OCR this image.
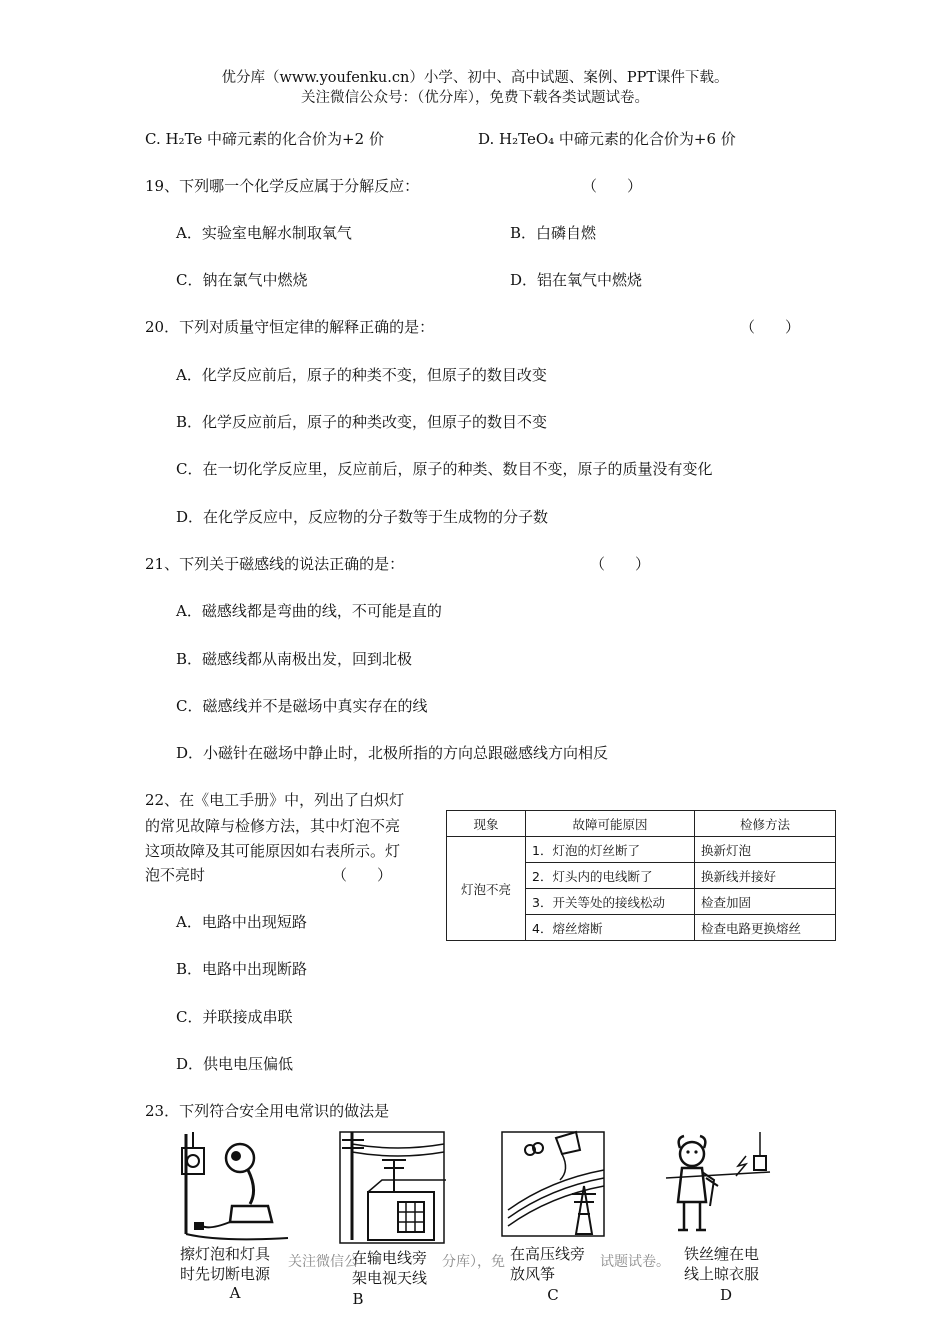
优分库（www.youfenku.cn）小学、初中、高中试题、案例、PPT课件下载。
关注微信公众号：（优分库），免费下载各类试题试卷。
C. H₂Te 中碲元素的化合价为+2 价	D. H₂TeO₄ 中碲元素的化合价为+6 价
19、下列哪一个化学反应属于分解反应：	（　　）
A．实验室电解水制取氧气	B．白磷自燃
C．钠在氯气中燃烧	D．铝在氧气中燃烧
20．下列对质量守恒定律的解释正确的是：	（　　）
A．化学反应前后，原子的种类不变，但原子的数目改变
B．化学反应前后，原子的种类改变，但原子的数目不变
C．在一切化学反应里，反应前后，原子的种类、数目不变，原子的质量没有变化
D．在化学反应中，反应物的分子数等于生成物的分子数
21、下列关于磁感线的说法正确的是：	（　　）
A．磁感线都是弯曲的线，不可能是直的
B．磁感线都从南极出发，回到北极
C．磁感线并不是磁场中真实存在的线
D．小磁针在磁场中静止时，北极所指的方向总跟磁感线方向相反
22、在《电工手册》中，列出了白炽灯
的常见故障与检修方法，其中灯泡不亮
这项故障及其可能原因如右表所示。灯
泡不亮时	（　　）
A．电路中出现短路
B．电路中出现断路
C．并联接成串联
D．供电电压偏低
现象	故障可能原因	检修方法
灯泡不亮	1．灯泡的灯丝断了	换新灯泡
	2．灯头内的电线断了	换新线并接好
	3．开关等处的接线松动	检查加固
	4．熔丝熔断	检查电路更换熔丝
23．下列符合安全用电常识的做法是
关注微信公	分库），免	试题试卷。
擦灯泡和灯具
时先切断电源
A
在输电线旁
架电视天线
B
在高压线旁
放风筝
C
铁丝缠在电
线上晾衣服
D
